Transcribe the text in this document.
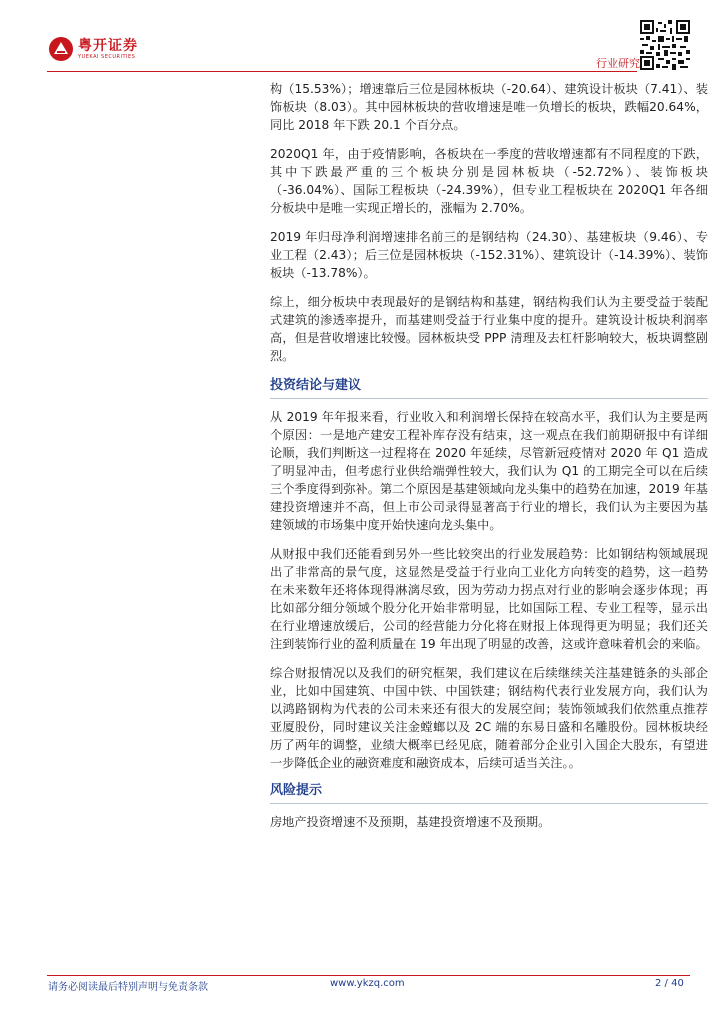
粤开证券
YUEKAI SECURITIES
行业研究

构（15.53%）；增速靠后三位是园林板块（-20.64）、建筑设计板块（7.41）、装饰板块（8.03）。其中园林板块的营收增速是唯一负增长的板块，跌幅20.64%，同比 2018 年下跌 20.1 个百分点。

2020Q1 年，由于疫情影响，各板块在一季度的营收增速都有不同程度的下跌，其中下跌最严重的三个板块分别是园林板块（-52.72%）、装饰板块（-36.04%）、国际工程板块（-24.39%），但专业工程板块在 2020Q1 年各细分板块中是唯一实现正增长的，涨幅为 2.70%。

2019 年归母净利润增速排名前三的是钢结构（24.30）、基建板块（9.46）、专业工程（2.43）；后三位是园林板块（-152.31%）、建筑设计（-14.39%）、装饰板块（-13.78%）。

综上，细分板块中表现最好的是钢结构和基建，钢结构我们认为主要受益于装配式建筑的渗透率提升，而基建则受益于行业集中度的提升。建筑设计板块利润率高，但是营收增速比较慢。园林板块受 PPP 清理及去杠杆影响较大，板块调整剧烈。

投资结论与建议

从 2019 年年报来看，行业收入和利润增长保持在较高水平，我们认为主要是两个原因：一是地产建安工程补库存没有结束，这一观点在我们前期研报中有详细论顺，我们判断这一过程将在 2020 年延续，尽管新冠疫情对 2020 年 Q1 造成了明显冲击，但考虑行业供给端弹性较大，我们认为 Q1 的工期完全可以在后续三个季度得到弥补。第二个原因是基建领域向龙头集中的趋势在加速，2019 年基建投资增速并不高，但上市公司录得显著高于行业的增长，我们认为主要因为基建领域的市场集中度开始快速向龙头集中。

从财报中我们还能看到另外一些比较突出的行业发展趋势：比如钢结构领域展现出了非常高的景气度，这显然是受益于行业向工业化方向转变的趋势，这一趋势在未来数年还将体现得淋漓尽致，因为劳动力拐点对行业的影响会逐步体现；再比如部分细分领域个股分化开始非常明显，比如国际工程、专业工程等，显示出在行业增速放缓后，公司的经营能力分化将在财报上体现得更为明显；我们还关注到装饰行业的盈利质量在 19 年出现了明显的改善，这或许意味着机会的来临。

综合财报情况以及我们的研究框架，我们建议在后续继续关注基建链条的头部企业，比如中国建筑、中国中铁、中国铁建；钢结构代表行业发展方向，我们认为以鸿路钢构为代表的公司未来还有很大的发展空间；装饰领域我们依然重点推荐亚厦股份，同时建议关注金螳螂以及 2C 端的东易日盛和名雕股份。园林板块经历了两年的调整，业绩大概率已经见底，随着部分企业引入国企大股东，有望进一步降低企业的融资难度和融资成本，后续可适当关注。。

风险提示

房地产投资增速不及预期，基建投资增速不及预期。

请务必阅读最后特别声明与免责条款	www.ykzq.com	2 / 40
